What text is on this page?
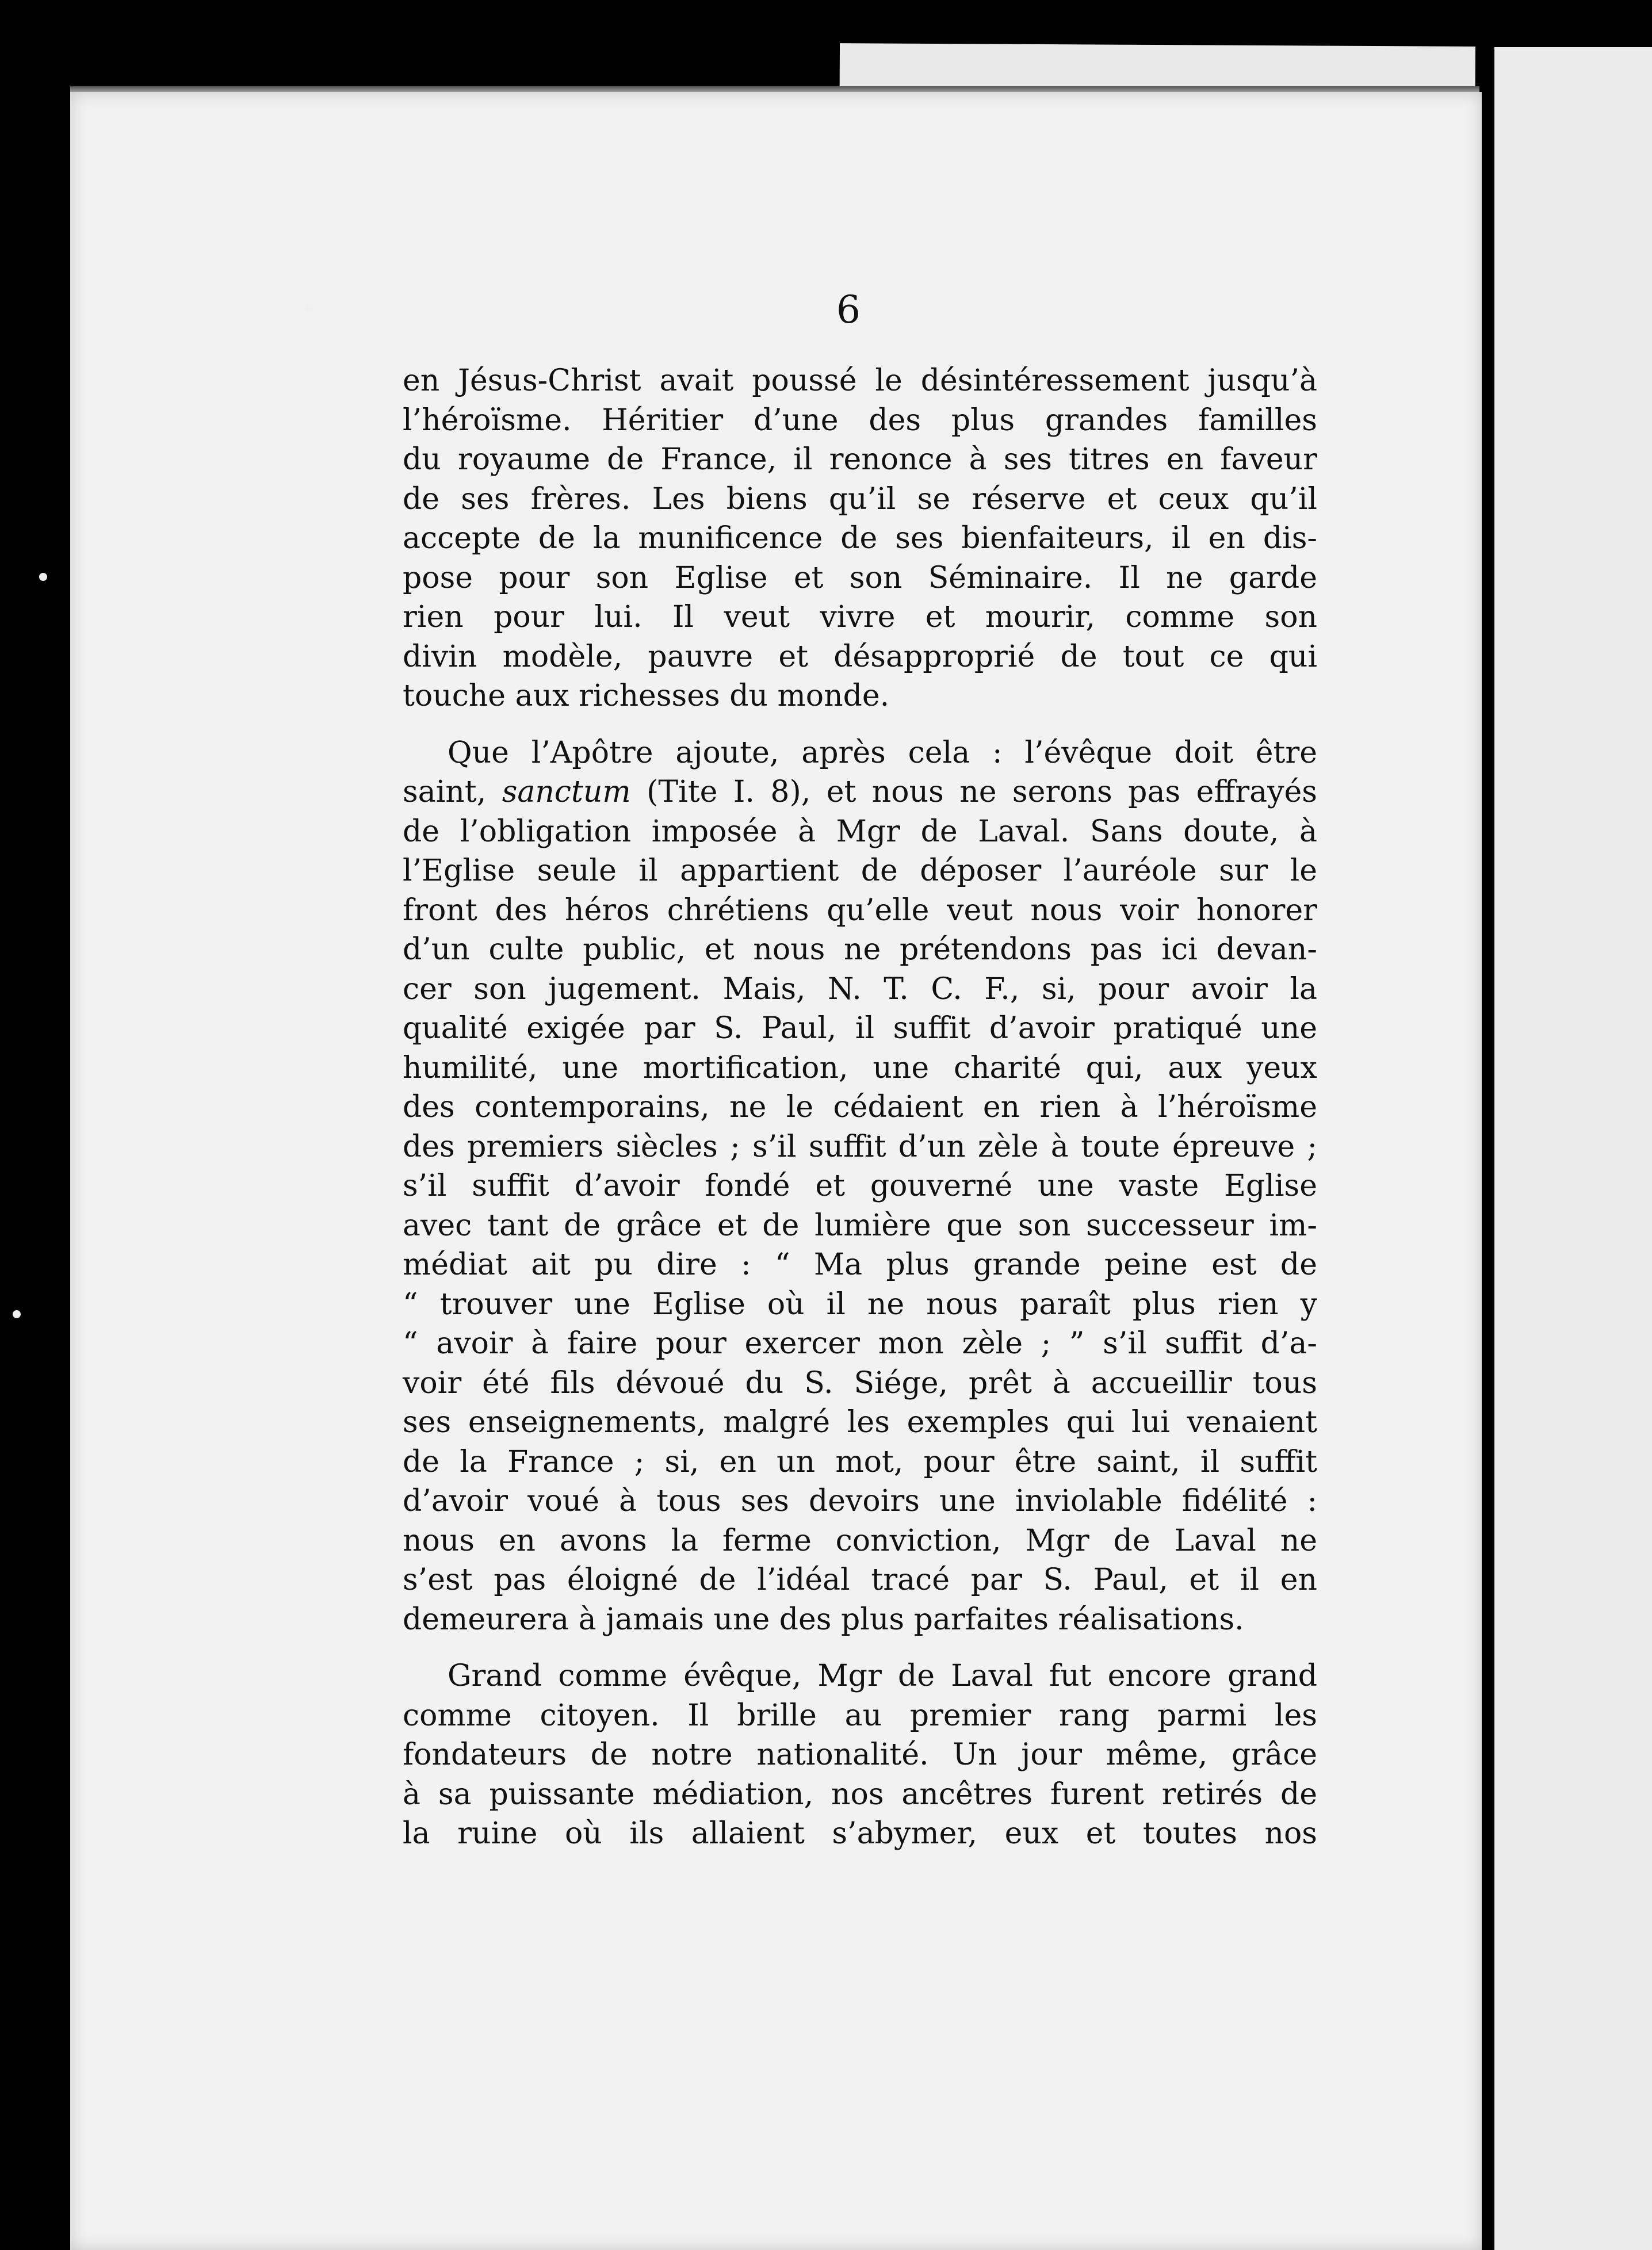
6
en Jésus-Christ avait poussé le désintéressement jusqu’à
l’héroïsme. Héritier d’une des plus grandes familles
du royaume de France, il renonce à ses titres en faveur
de ses frères. Les biens qu’il se réserve et ceux qu’il
accepte de la munificence de ses bienfaiteurs, il en dis-
pose pour son Eglise et son Séminaire. Il ne garde
rien pour lui. Il veut vivre et mourir, comme son
divin modèle, pauvre et désapproprié de tout ce qui
touche aux richesses du monde.
Que l’Apôtre ajoute, après cela : l’évêque doit être
saint, sanctum (Tite I. 8), et nous ne serons pas effrayés
de l’obligation imposée à Mgr de Laval. Sans doute, à
l’Eglise seule il appartient de déposer l’auréole sur le
front des héros chrétiens qu’elle veut nous voir honorer
d’un culte public, et nous ne prétendons pas ici devan-
cer son jugement. Mais, N. T. C. F., si, pour avoir la
qualité exigée par S. Paul, il suffit d’avoir pratiqué une
humilité, une mortification, une charité qui, aux yeux
des contemporains, ne le cédaient en rien à l’héroïsme
des premiers siècles ; s’il suffit d’un zèle à toute épreuve ;
s’il suffit d’avoir fondé et gouverné une vaste Eglise
avec tant de grâce et de lumière que son successeur im-
médiat ait pu dire : “ Ma plus grande peine est de
“ trouver une Eglise où il ne nous paraît plus rien y
“ avoir à faire pour exercer mon zèle ; ” s’il suffit d’a-
voir été fils dévoué du S. Siége, prêt à accueillir tous
ses enseignements, malgré les exemples qui lui venaient
de la France ; si, en un mot, pour être saint, il suffit
d’avoir voué à tous ses devoirs une inviolable fidélité :
nous en avons la ferme conviction, Mgr de Laval ne
s’est pas éloigné de l’idéal tracé par S. Paul, et il en
demeurera à jamais une des plus parfaites réalisations.
Grand comme évêque, Mgr de Laval fut encore grand
comme citoyen. Il brille au premier rang parmi les
fondateurs de notre nationalité. Un jour même, grâce
à sa puissante médiation, nos ancêtres furent retirés de
la ruine où ils allaient s’abymer, eux et toutes nos
